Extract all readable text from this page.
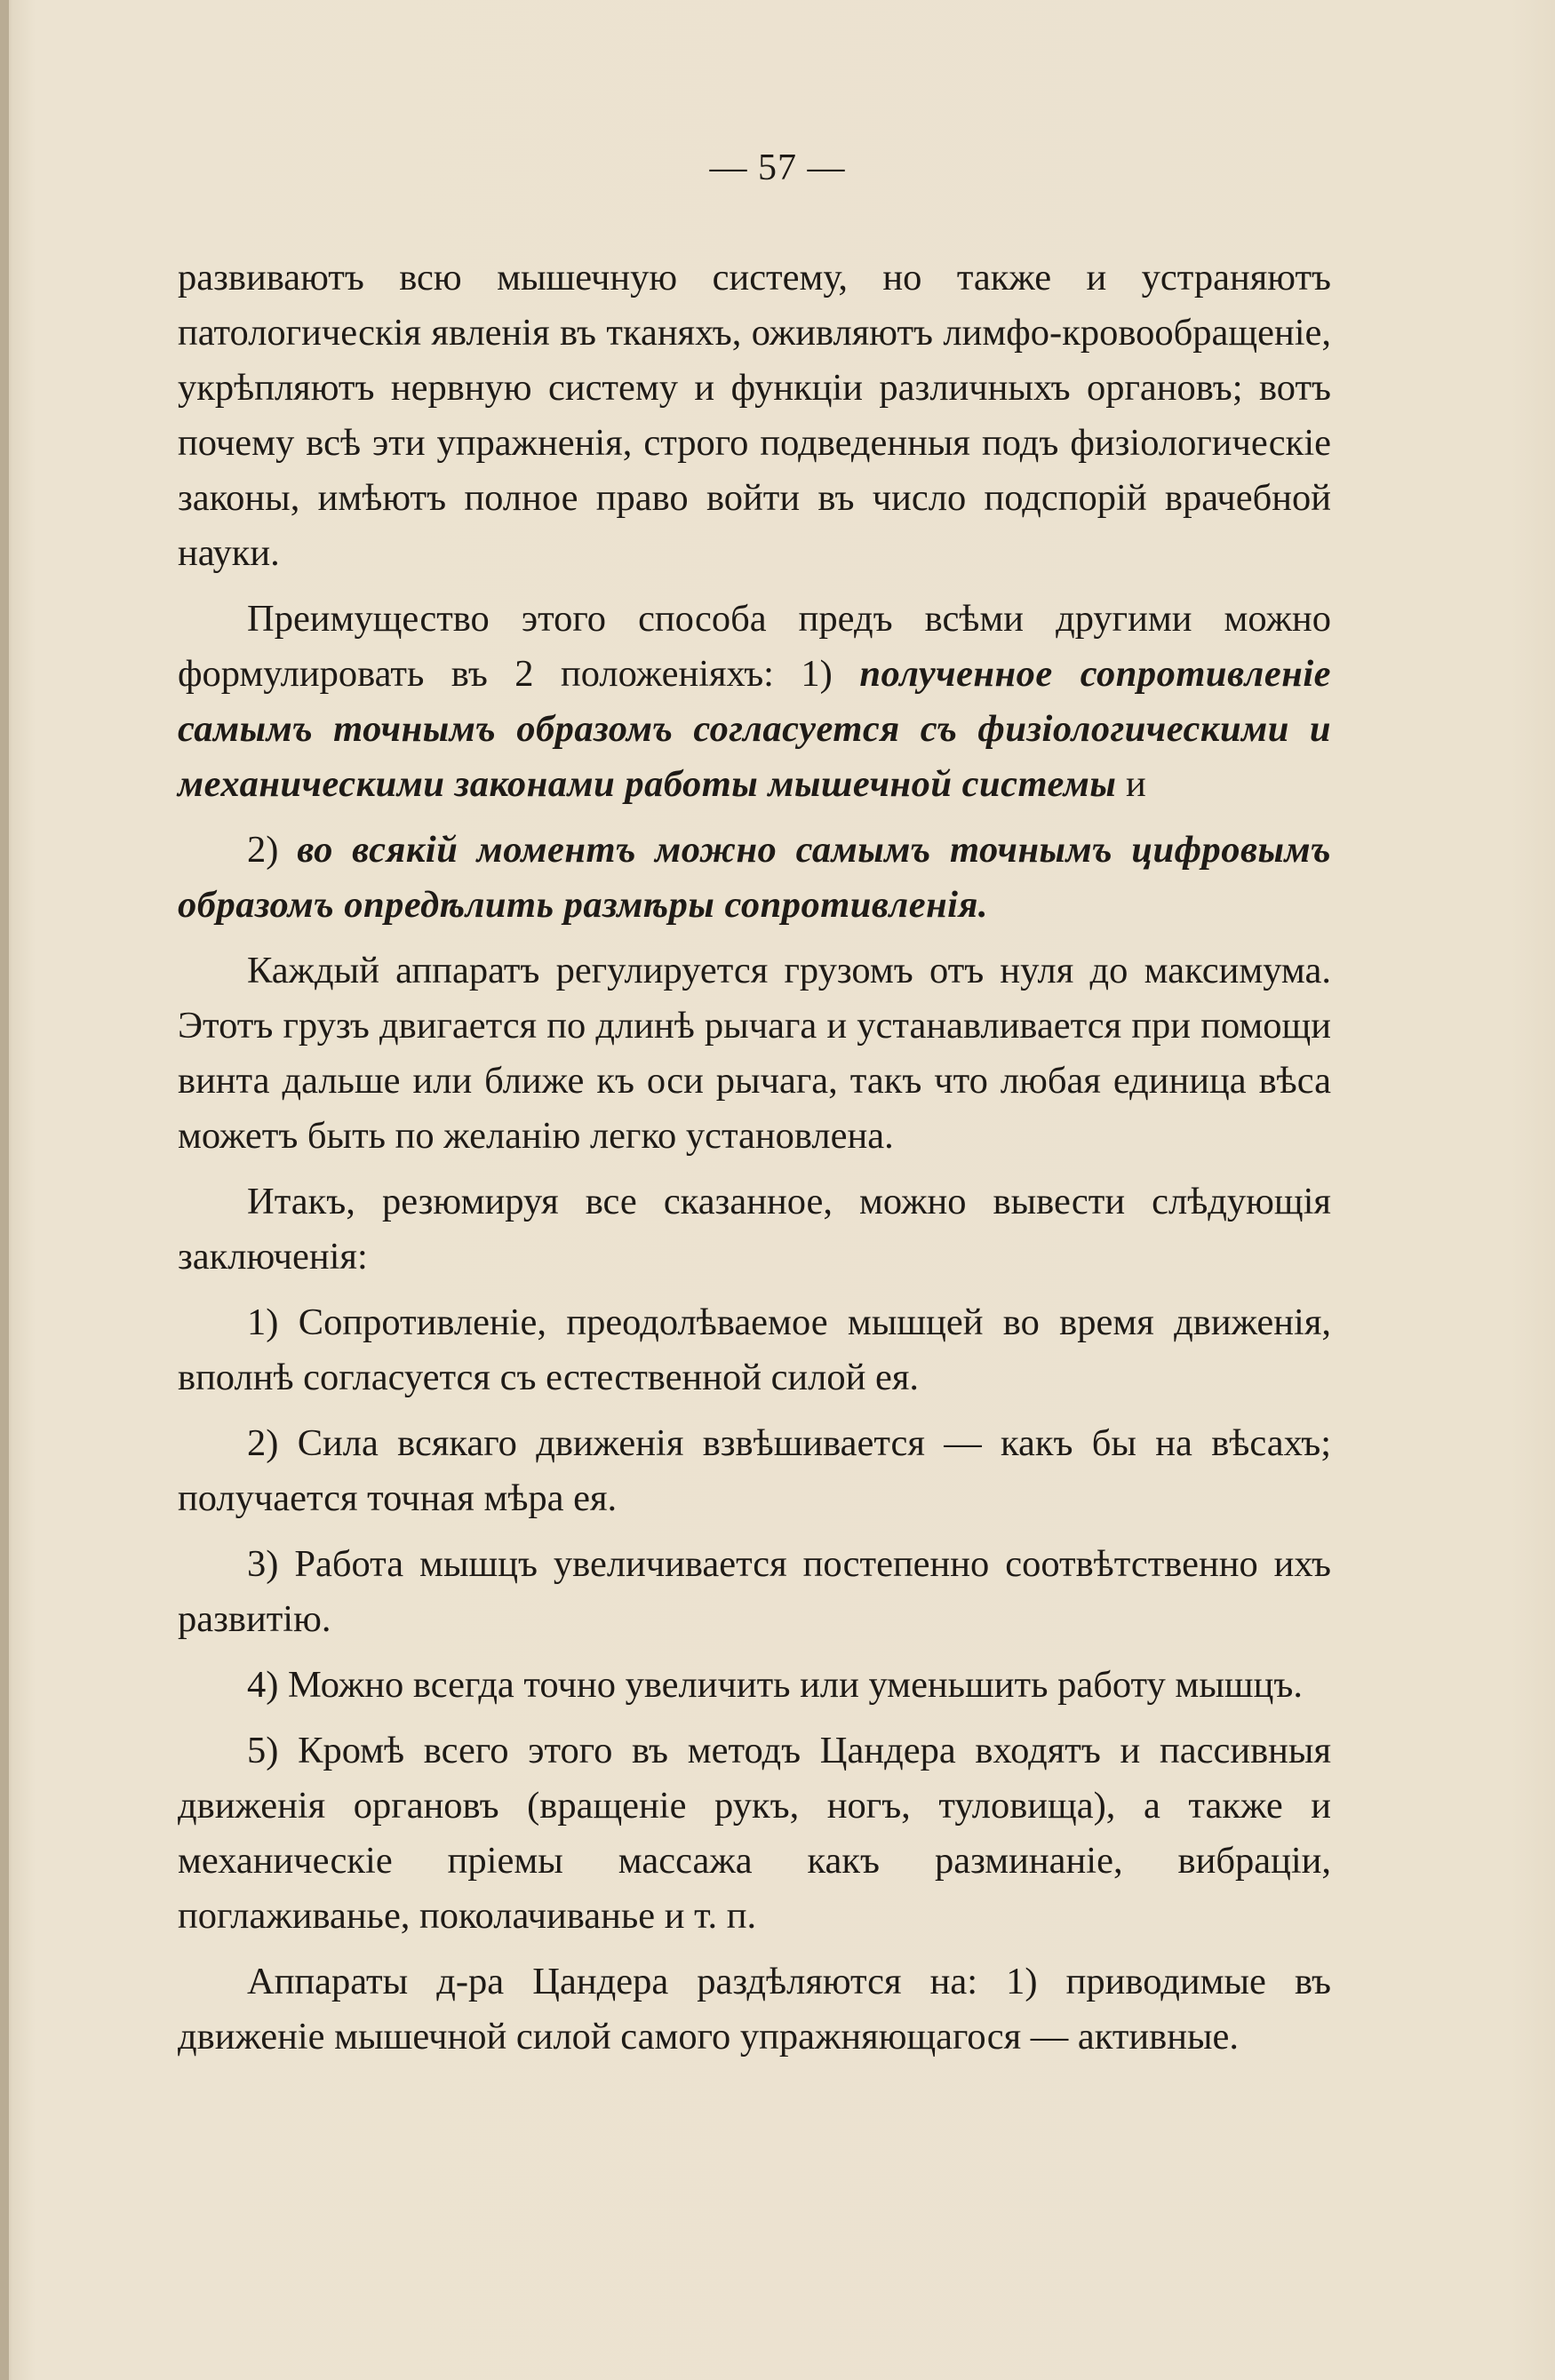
— 57 —

развиваютъ всю мышечную систему, но также и устраняютъ патологическія явленія въ тканяхъ, оживляютъ лимфо-кровообращеніе, укрѣпляютъ нервную систему и функціи различныхъ органовъ; вотъ почему всѣ эти упражненія, строго подведенныя подъ физіологическіе законы, имѣютъ полное право войти въ число подспорій врачебной науки.

Преимущество этого способа предъ всѣми другими можно формулировать въ 2 положеніяхъ: 1) полученное сопротивленіе самымъ точнымъ образомъ согласуется съ физіологическими и механическими законами работы мышечной системы и

2) во всякій моментъ можно самымъ точнымъ цифровымъ образомъ опредѣлить размѣры сопротивленія.

Каждый аппаратъ регулируется грузомъ отъ нуля до максимума. Этотъ грузъ двигается по длинѣ рычага и устанавливается при помощи винта дальше или ближе къ оси рычага, такъ что любая единица вѣса можетъ быть по желанію легко установлена.

Итакъ, резюмируя все сказанное, можно вывести слѣдующія заключенія:

1) Сопротивленіе, преодолѣваемое мышцей во время движенія, вполнѣ согласуется съ естественной силой ея.

2) Сила всякаго движенія взвѣшивается — какъ бы на вѣсахъ; получается точная мѣра ея.

3) Работа мышцъ увеличивается постепенно соотвѣтственно ихъ развитію.

4) Можно всегда точно увеличить или уменьшить работу мышцъ.

5) Кромѣ всего этого въ методъ Цандера входятъ и пассивныя движенія органовъ (вращеніе рукъ, ногъ, туловища), а также и механическіе пріемы массажа какъ разминаніе, вибраціи, поглаживанье, поколачиванье и т. п.

Аппараты д-ра Цандера раздѣляются на: 1) приводимые въ движеніе мышечной силой самого упражняющагося — активные.
